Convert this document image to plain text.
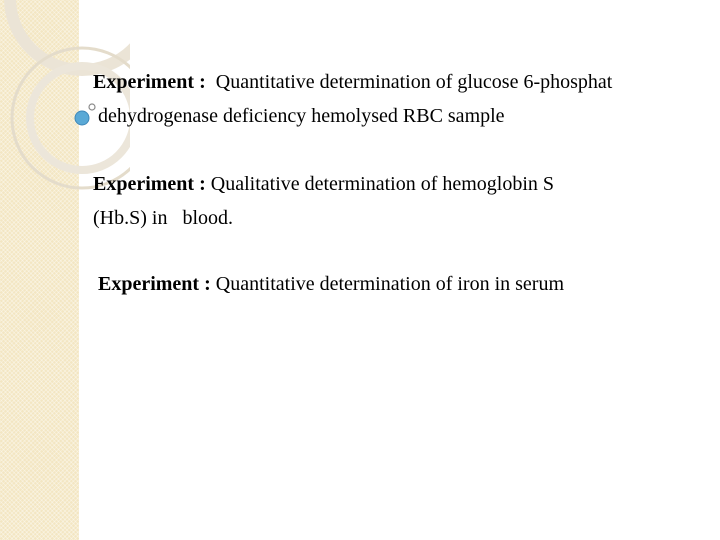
Experiment : Quantitative determination of glucose 6-phosphat
dehydrogenase deficiency hemolysed RBC sample
Experiment : Qualitative determination of hemoglobin S
(Hb.S) in   blood.
Experiment : Quantitative determination of iron in serum
